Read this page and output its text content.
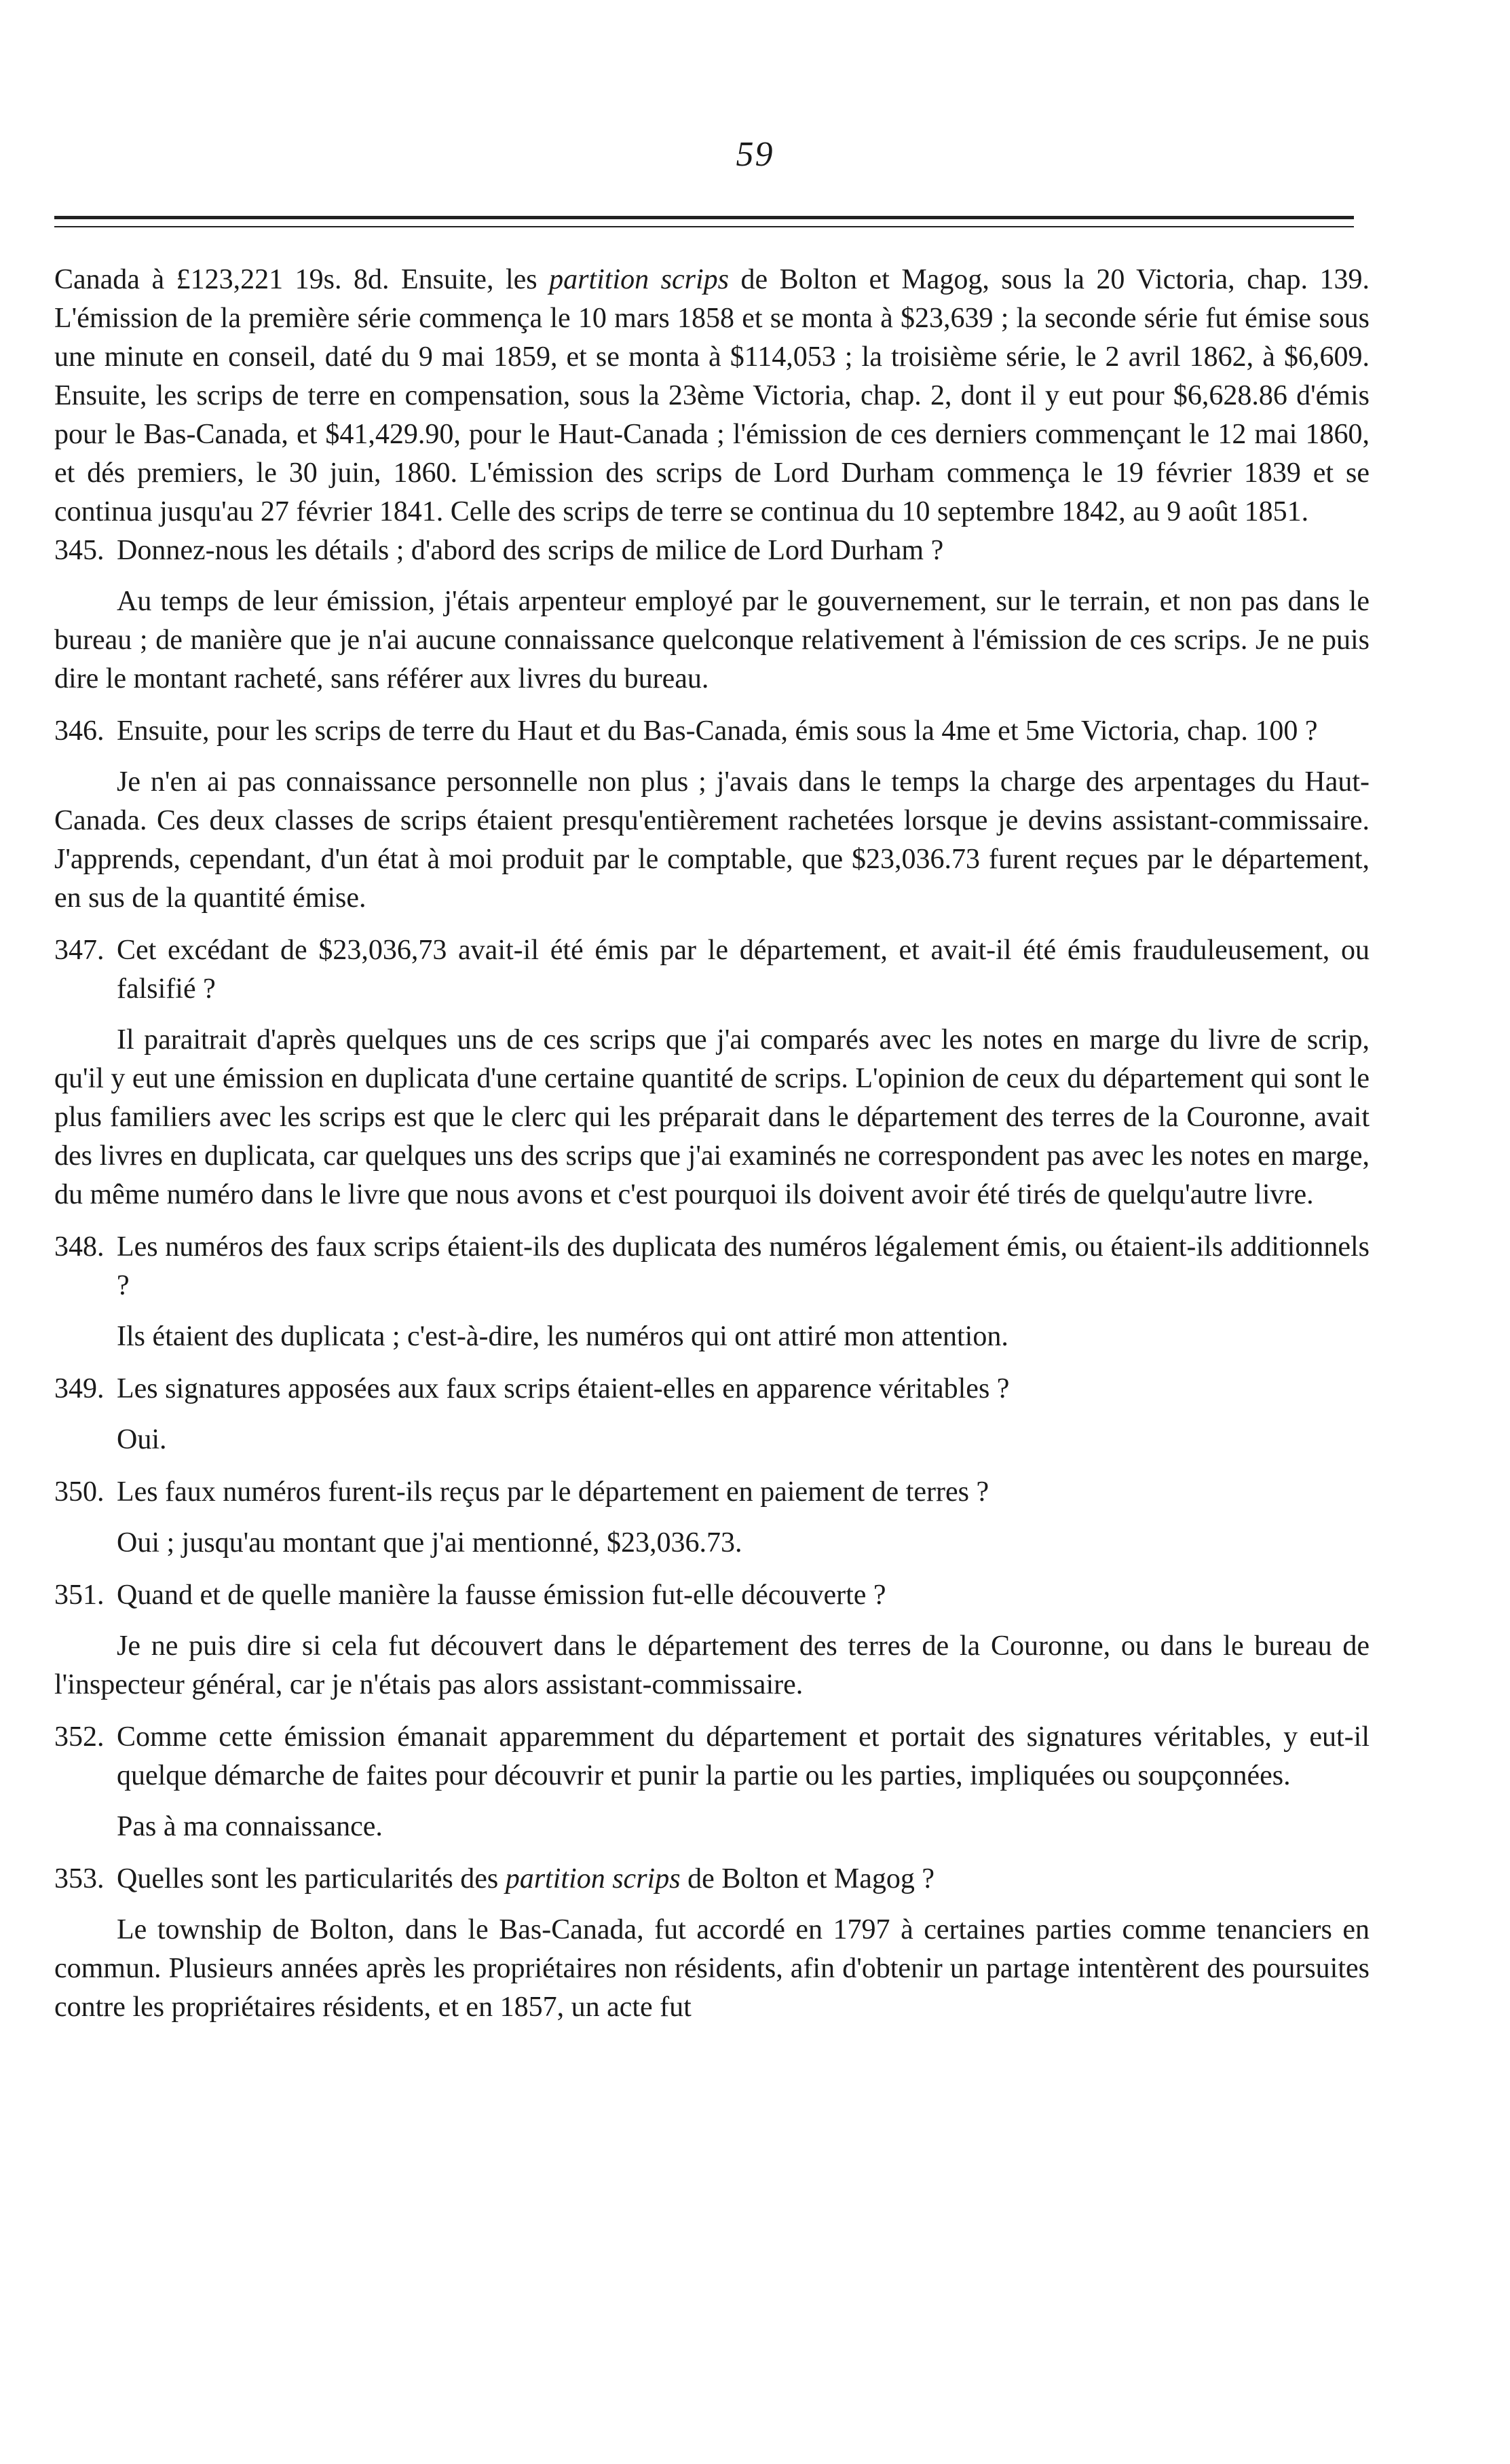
59

Canada à £123,221 19s. 8d. Ensuite, les partition scrips de Bolton et Magog, sous la 20 Victoria, chap. 139. L'émission de la première série commença le 10 mars 1858 et se monta à $23,639 ; la seconde série fut émise sous une minute en conseil, daté du 9 mai 1859, et se monta à $114,053 ; la troisième série, le 2 avril 1862, à $6,609. Ensuite, les scrips de terre en compensation, sous la 23ème Victoria, chap. 2, dont il y eut pour $6,628.86 d'émis pour le Bas-Canada, et $41,429.90, pour le Haut-Canada ; l'émission de ces derniers commençant le 12 mai 1860, et dés premiers, le 30 juin, 1860. L'émission des scrips de Lord Durham commença le 19 février 1839 et se continua jusqu'au 27 février 1841. Celle des scrips de terre se continua du 10 septembre 1842, au 9 août 1851.

345. Donnez-nous les détails ; d'abord des scrips de milice de Lord Durham ?

Au temps de leur émission, j'étais arpenteur employé par le gouvernement, sur le terrain, et non pas dans le bureau ; de manière que je n'ai aucune connaissance quelconque relativement à l'émission de ces scrips. Je ne puis dire le montant racheté, sans référer aux livres du bureau.

346. Ensuite, pour les scrips de terre du Haut et du Bas-Canada, émis sous la 4me et 5me Victoria, chap. 100 ?

Je n'en ai pas connaissance personnelle non plus ; j'avais dans le temps la charge des arpentages du Haut-Canada. Ces deux classes de scrips étaient presqu'entièrement rachetées lorsque je devins assistant-commissaire. J'apprends, cependant, d'un état à moi produit par le comptable, que $23,036.73 furent reçues par le département, en sus de la quantité émise.

347. Cet excédant de $23,036,73 avait-il été émis par le département, et avait-il été émis frauduleusement, ou falsifié ?

Il paraitrait d'après quelques uns de ces scrips que j'ai comparés avec les notes en marge du livre de scrip, qu'il y eut une émission en duplicata d'une certaine quantité de scrips. L'opinion de ceux du département qui sont le plus familiers avec les scrips est que le clerc qui les préparait dans le département des terres de la Couronne, avait des livres en duplicata, car quelques uns des scrips que j'ai examinés ne correspondent pas avec les notes en marge, du même numéro dans le livre que nous avons et c'est pourquoi ils doivent avoir été tirés de quelqu'autre livre.

348. Les numéros des faux scrips étaient-ils des duplicata des numéros légalement émis, ou étaient-ils additionnels ?

Ils étaient des duplicata ; c'est-à-dire, les numéros qui ont attiré mon attention.

349. Les signatures apposées aux faux scrips étaient-elles en apparence véritables ?

Oui.

350. Les faux numéros furent-ils reçus par le département en paiement de terres ?

Oui ; jusqu'au montant que j'ai mentionné, $23,036.73.

351. Quand et de quelle manière la fausse émission fut-elle découverte ?

Je ne puis dire si cela fut découvert dans le département des terres de la Couronne, ou dans le bureau de l'inspecteur général, car je n'étais pas alors assistant-commissaire.

352. Comme cette émission émanait apparemment du département et portait des signatures véritables, y eut-il quelque démarche de faites pour découvrir et punir la partie ou les parties, impliquées ou soupçonnées.

Pas à ma connaissance.

353. Quelles sont les particularités des partition scrips de Bolton et Magog ?

Le township de Bolton, dans le Bas-Canada, fut accordé en 1797 à certaines parties comme tenanciers en commun. Plusieurs années après les propriétaires non résidents, afin d'obtenir un partage intentèrent des poursuites contre les propriétaires résidents, et en 1857, un acte fut
